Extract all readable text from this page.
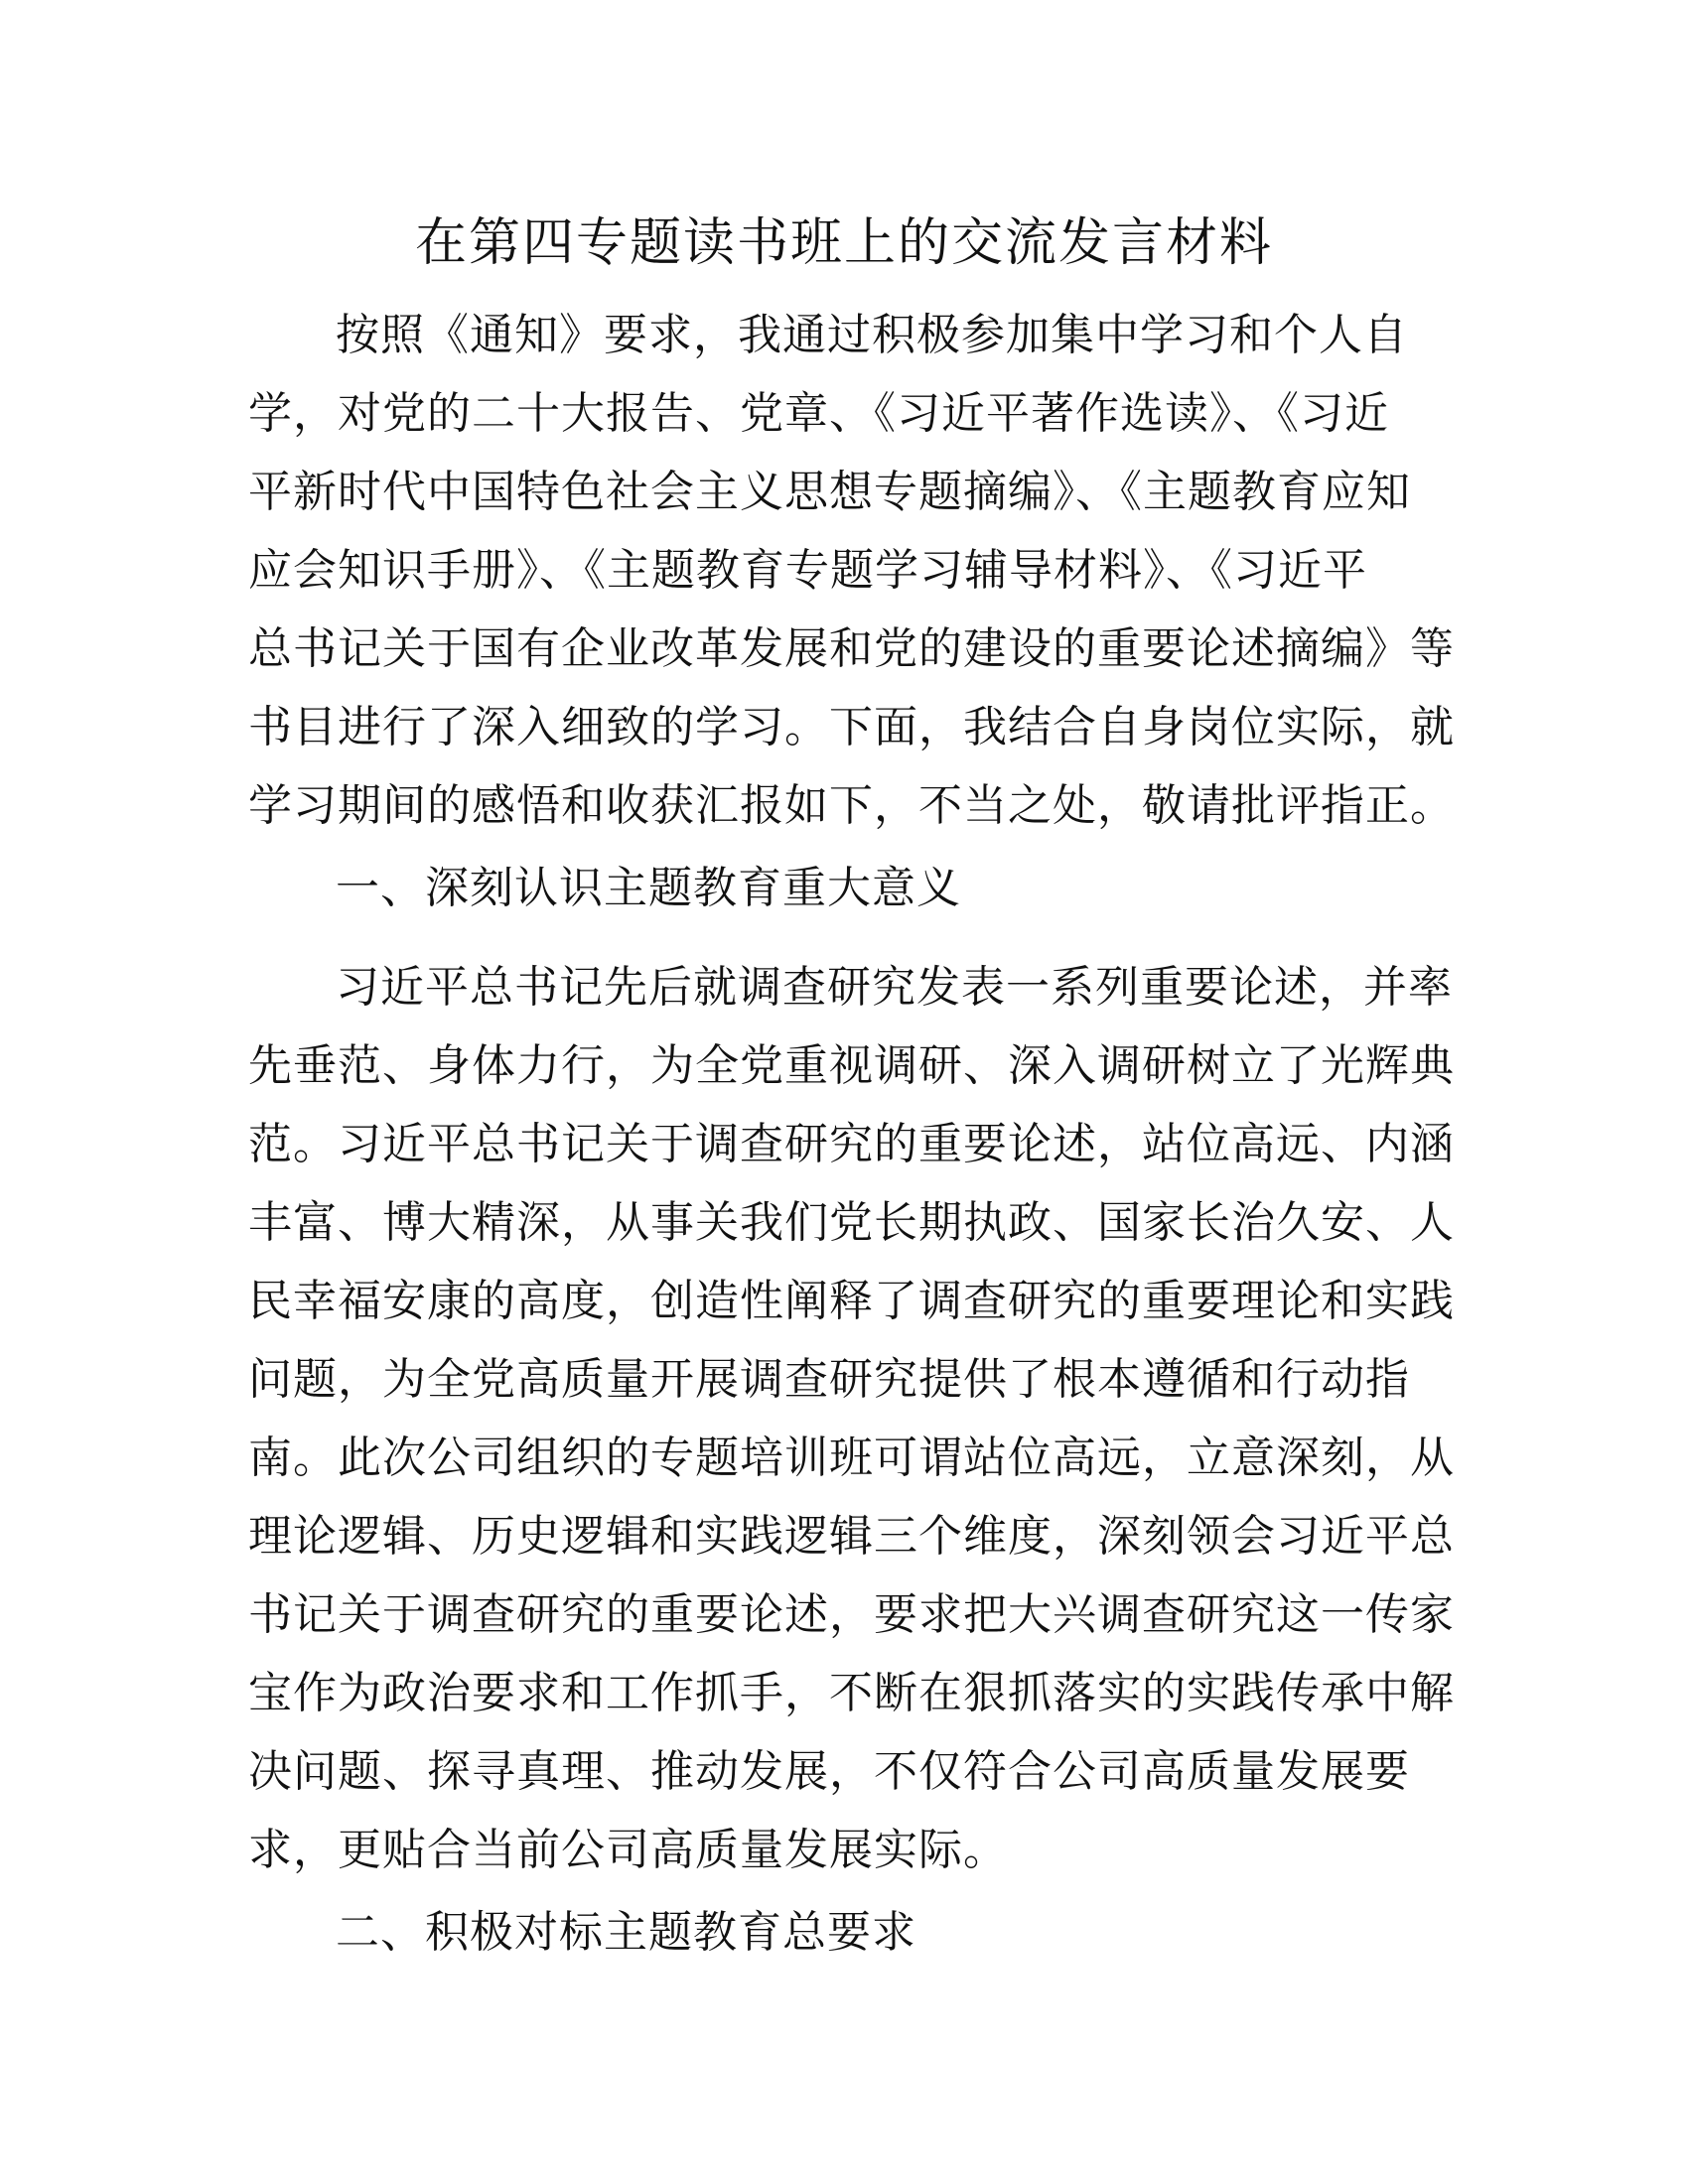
在第四专题读书班上的交流发言材料
按照《通知》要求，我通过积极参加集中学习和个人自
学，对党的二十大报告、党章、《习近平著作选读》、《习近
平新时代中国特色社会主义思想专题摘编》、《主题教育应知
应会知识手册》、《主题教育专题学习辅导材料》、《习近平
总书记关于国有企业改革发展和党的建设的重要论述摘编》等
书目进行了深入细致的学习。下面，我结合自身岗位实际，就
学习期间的感悟和收获汇报如下，不当之处，敬请批评指正。

一、深刻认识主题教育重大意义

习近平总书记先后就调查研究发表一系列重要论述，并率
先垂范、身体力行，为全党重视调研、深入调研树立了光辉典
范。习近平总书记关于调查研究的重要论述，站位高远、内涵
丰富、博大精深，从事关我们党长期执政、国家长治久安、人
民幸福安康的高度，创造性阐释了调查研究的重要理论和实践
问题，为全党高质量开展调查研究提供了根本遵循和行动指
南。此次公司组织的专题培训班可谓站位高远，立意深刻，从
理论逻辑、历史逻辑和实践逻辑三个维度，深刻领会习近平总
书记关于调查研究的重要论述，要求把大兴调查研究这一传家
宝作为政治要求和工作抓手，不断在狠抓落实的实践传承中解
决问题、探寻真理、推动发展，不仅符合公司高质量发展要
求，更贴合当前公司高质量发展实际。

二、积极对标主题教育总要求
